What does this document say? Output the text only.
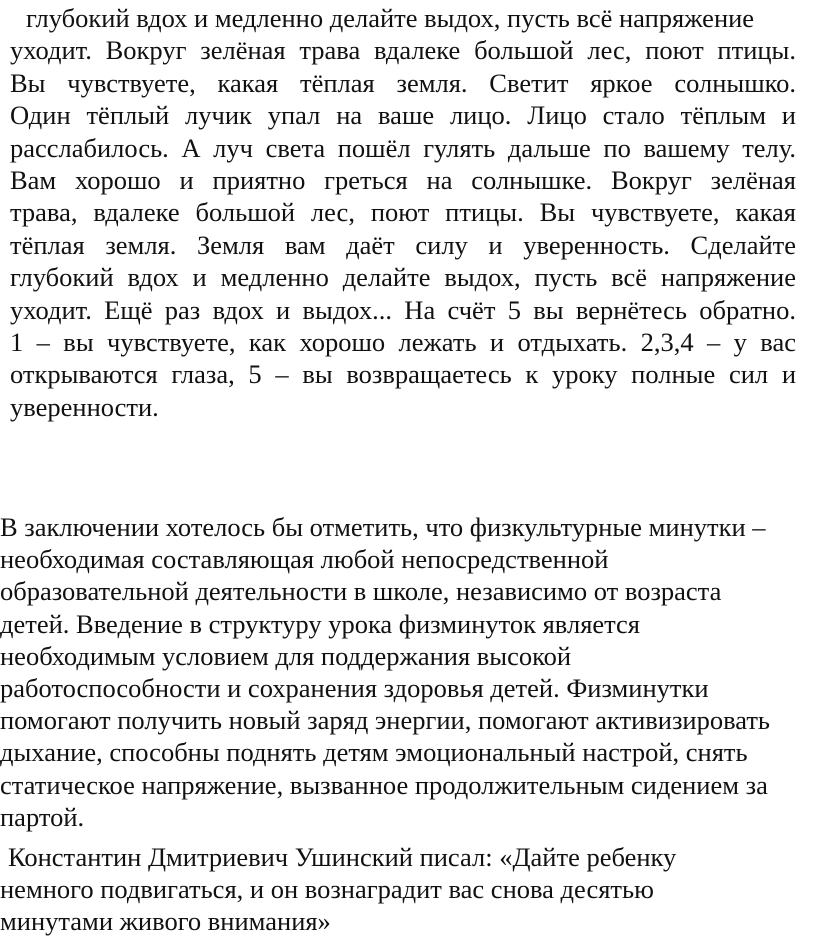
глубокий вдох и медленно делайте выдох, пусть всё напряжение
уходит. Вокруг зелёная трава вдалеке большой лес, поют птицы.
Вы чувствуете, какая тёплая земля. Светит яркое солнышко.
Один тёплый лучик упал на ваше лицо. Лицо стало тёплым и
расслабилось. А луч света пошёл гулять дальше по вашему телу.
Вам хорошо и приятно греться на солнышке. Вокруг зелёная
трава, вдалеке большой лес, поют птицы. Вы чувствуете, какая
тёплая земля. Земля вам даёт силу и уверенность. Сделайте
глубокий вдох и медленно делайте выдох, пусть всё напряжение
уходит. Ещё раз вдох и выдох... На счёт 5 вы вернётесь обратно.
1 – вы чувствуете, как хорошо лежать и отдыхать. 2,3,4 – у вас
открываются глаза, 5 – вы возвращаетесь к уроку полные сил и
уверенности.
В заключении хотелось бы отметить, что физкультурные минутки –
необходимая составляющая любой непосредственной
образовательной деятельности в школе, независимо от возраста
детей. Введение в структуру урока физминуток является
необходимым условием для поддержания высокой
работоспособности и сохранения здоровья детей. Физминутки
помогают получить новый заряд энергии, помогают активизировать
дыхание, способны поднять детям эмоциональный настрой, снять
статическое напряжение, вызванное продолжительным сидением за
партой.
Константин Дмитриевич Ушинский писал: «Дайте ребенку
немного подвигаться, и он вознаградит вас снова десятью
минутами живого внимания»
